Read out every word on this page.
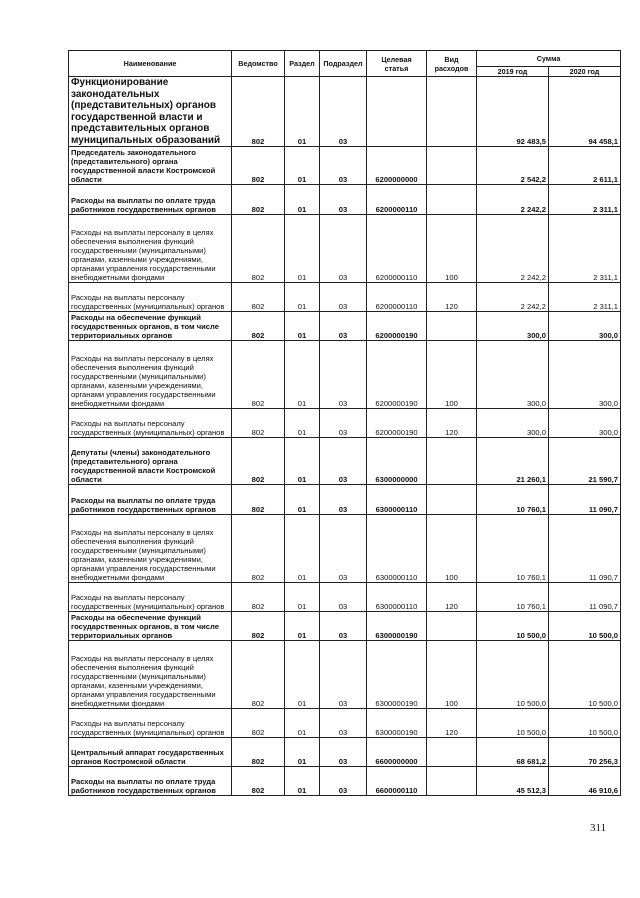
Наименование	Ведомство	Раздел	Подраздел	Целевая статья	Вид расходов	Сумма	
						2019 год	2020 год
Функционирование законодательных (представительных) органов государственной власти и представительных органов муниципальных образований	802	01	03			92 483,5	94 458,1
Председатель законодательного (представительного) органа государственной власти Костромской области	802	01	03	6200000000		2 542,2	2 611,1
Расходы на выплаты по оплате труда работников государственных органов	802	01	03	6200000110		2 242,2	2 311,1
Расходы на выплаты персоналу в целях обеспечения выполнения функций государственными (муниципальными) органами, казенными учреждениями, органами управления государственными внебюджетными фондами	802	01	03	6200000110	100	2 242,2	2 311,1
Расходы на выплаты персоналу государственных (муниципальных) органов	802	01	03	6200000110	120	2 242,2	2 311,1
Расходы на обеспечение функций государственных органов, в том числе территориальных органов	802	01	03	6200000190		300,0	300,0
Расходы на выплаты персоналу в целях обеспечения выполнения функций государственными (муниципальными) органами, казенными учреждениями, органами управления государственными внебюджетными фондами	802	01	03	6200000190	100	300,0	300,0
Расходы на выплаты персоналу государственных (муниципальных) органов	802	01	03	6200000190	120	300,0	300,0
Депутаты (члены) законодательного (представительного) органа государственной власти Костромской области	802	01	03	6300000000		21 260,1	21 590,7
Расходы на выплаты по оплате труда работников государственных органов	802	01	03	6300000110		10 760,1	11 090,7
Расходы на выплаты персоналу в целях обеспечения выполнения функций государственными (муниципальными) органами, казенными учреждениями, органами управления государственными внебюджетными фондами	802	01	03	6300000110	100	10 760,1	11 090,7
Расходы на выплаты персоналу государственных (муниципальных) органов	802	01	03	6300000110	120	10 760,1	11 090,7
Расходы на обеспечение функций государственных органов, в том числе территориальных органов	802	01	03	6300000190		10 500,0	10 500,0
Расходы на выплаты персоналу в целях обеспечения выполнения функций государственными (муниципальными) органами, казенными учреждениями, органами управления государственными внебюджетными фондами	802	01	03	6300000190	100	10 500,0	10 500,0
Расходы на выплаты персоналу государственных (муниципальных) органов	802	01	03	6300000190	120	10 500,0	10 500,0
Центральный аппарат государственных органов Костромской области	802	01	03	6600000000		68 681,2	70 256,3
Расходы на выплаты по оплате труда работников государственных органов	802	01	03	6600000110		45 512,3	46 910,6
311
